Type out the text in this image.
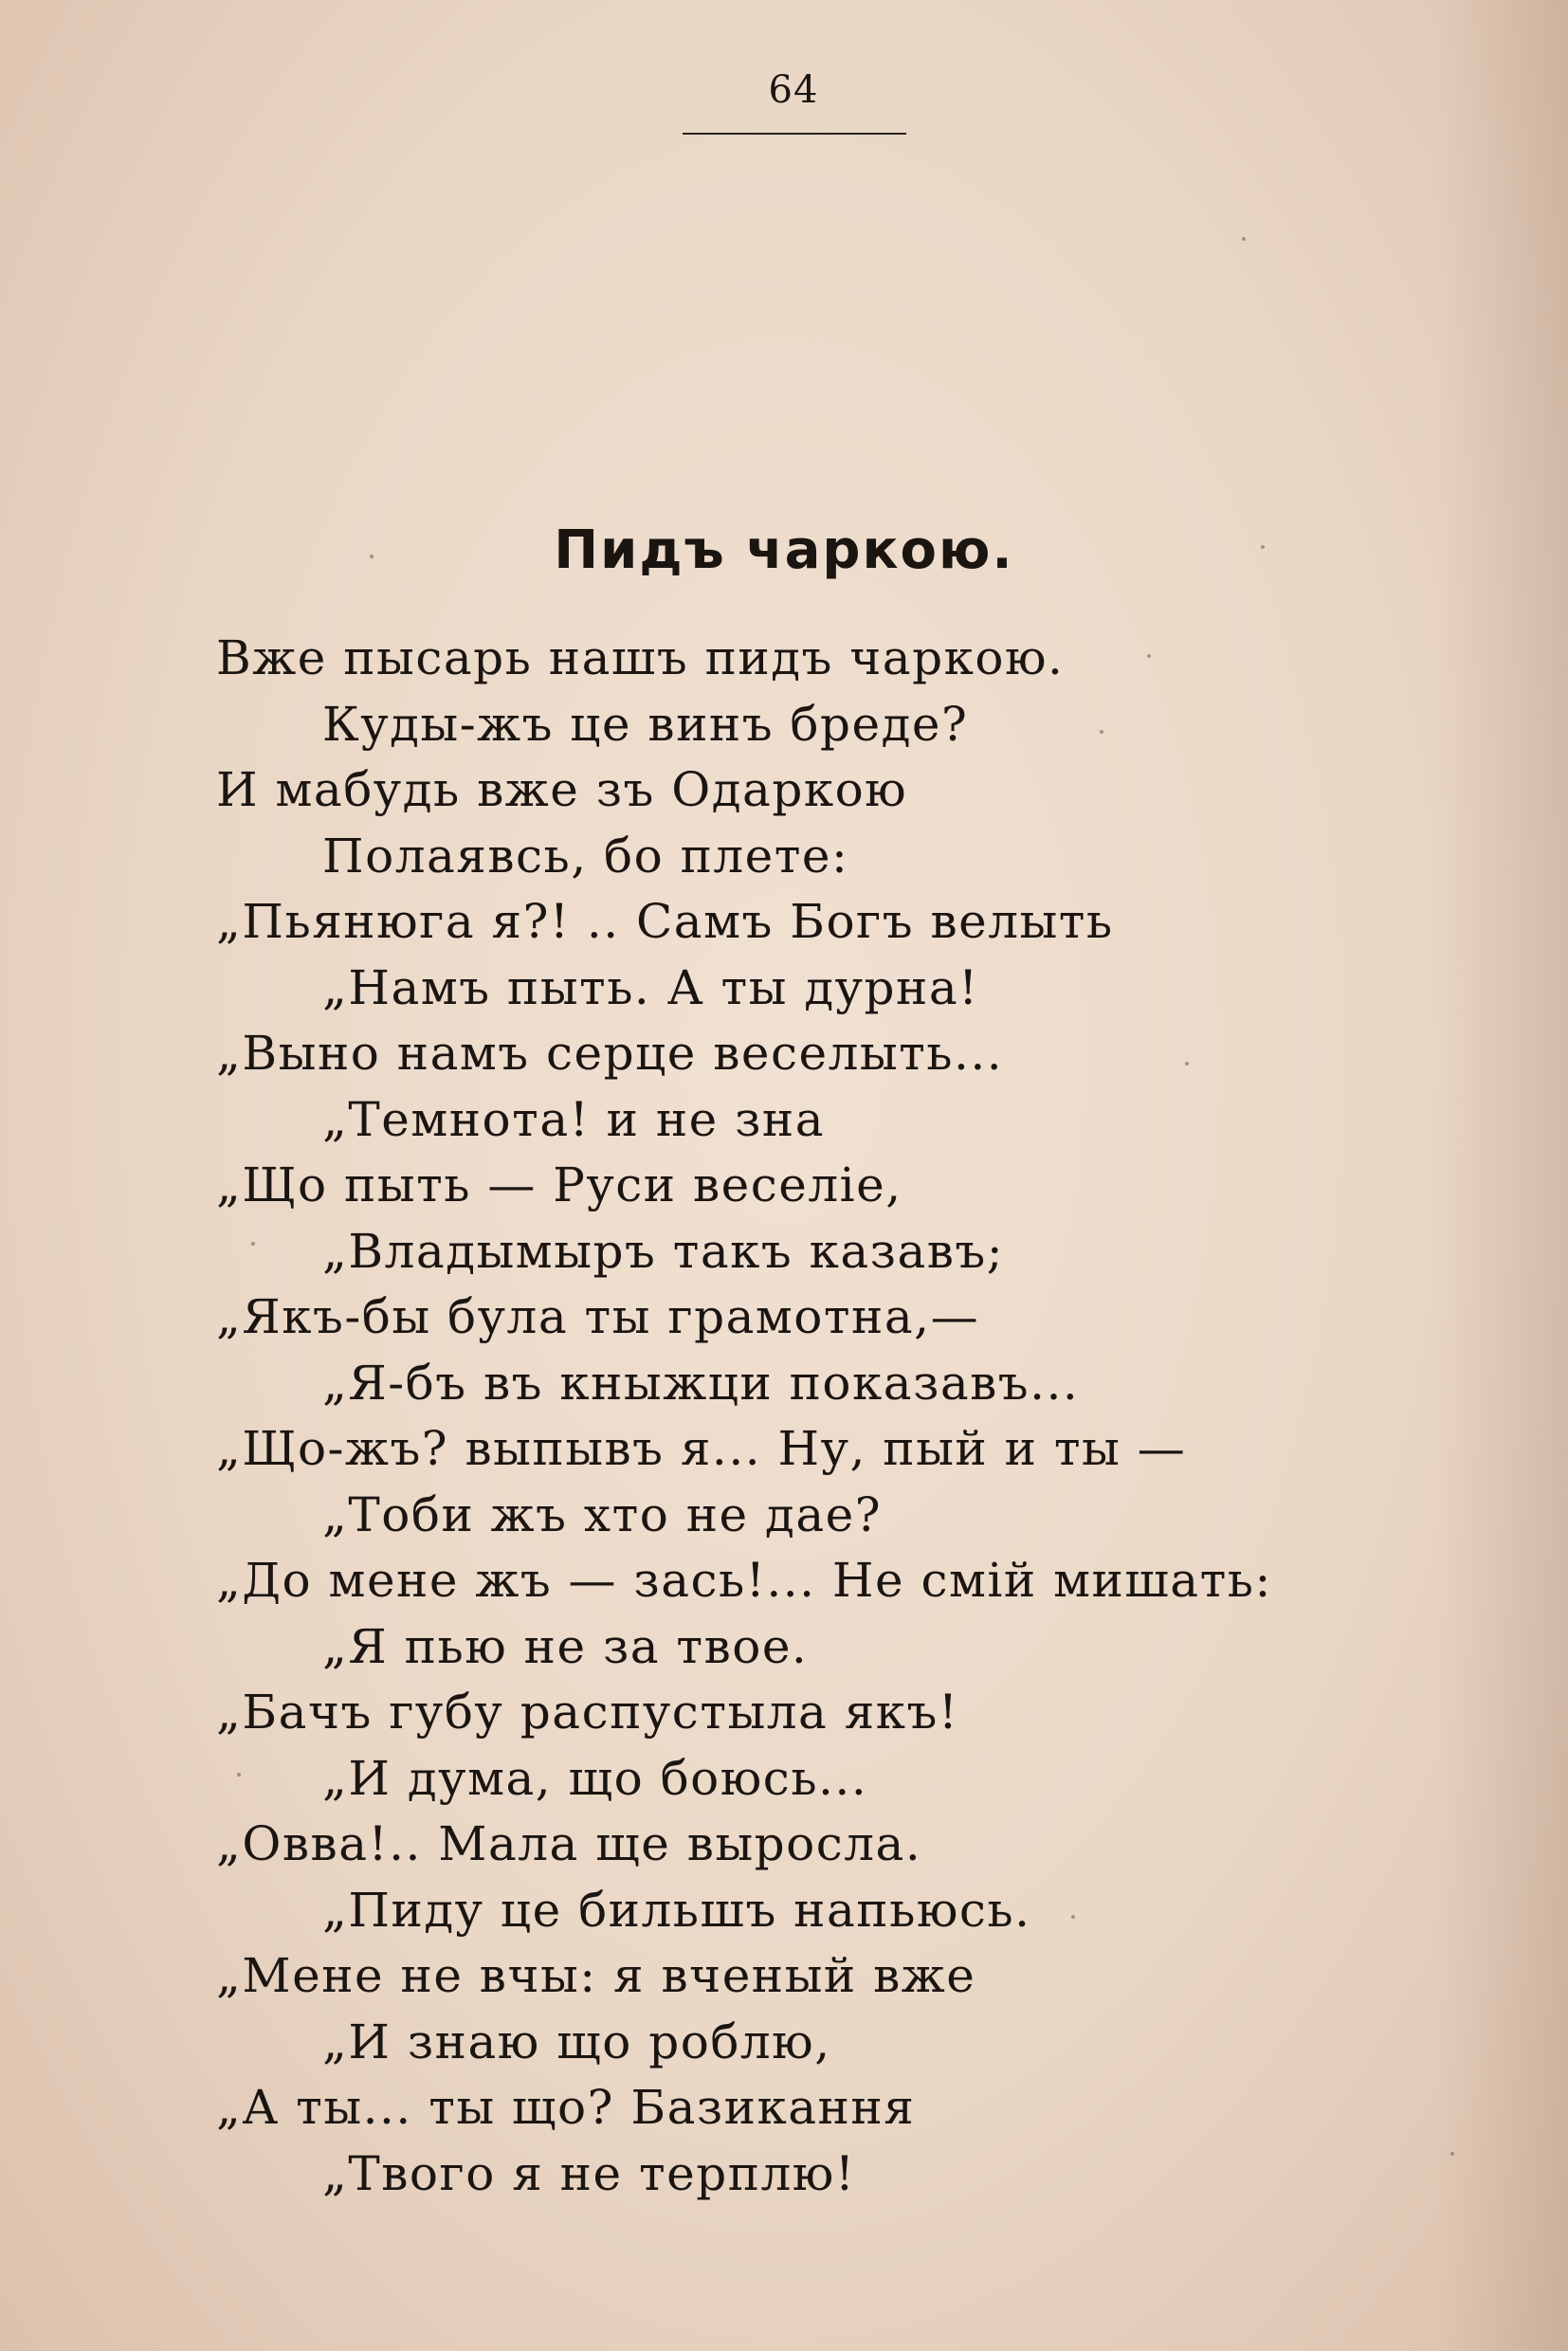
64
Пидъ чаркою.
Вже пысарь нашъ пидъ чаркою.
Куды-жъ це винъ бреде?
И мабудь вже зъ Одаркою
Полаявсь, бо плете:
„Пьянюга я?! .. Самъ Богъ велыть
„Намъ пыть. А ты дурна!
„Выно намъ серце веселыть...
„Темнота! и не зна
„Що пыть — Руси веселіе,
„Владымыръ такъ казавъ;
„Якъ-бы була ты грамотна,—
„Я-бъ въ кныжци показавъ...
„Що-жъ? выпывъ я... Ну, пый и ты —
„Тоби жъ хто не дае?
„До мене жъ — зась!... Не смій мишать:
„Я пью не за твое.
„Бачъ губу распустыла якъ!
„И дума, що боюсь...
„Овва!.. Мала ще выросла.
„Пиду це бильшъ напьюсь.
„Мене не вчы: я вченый вже
„И знаю що роблю,
„А ты... ты що? Базикання
„Твого я не терплю!
